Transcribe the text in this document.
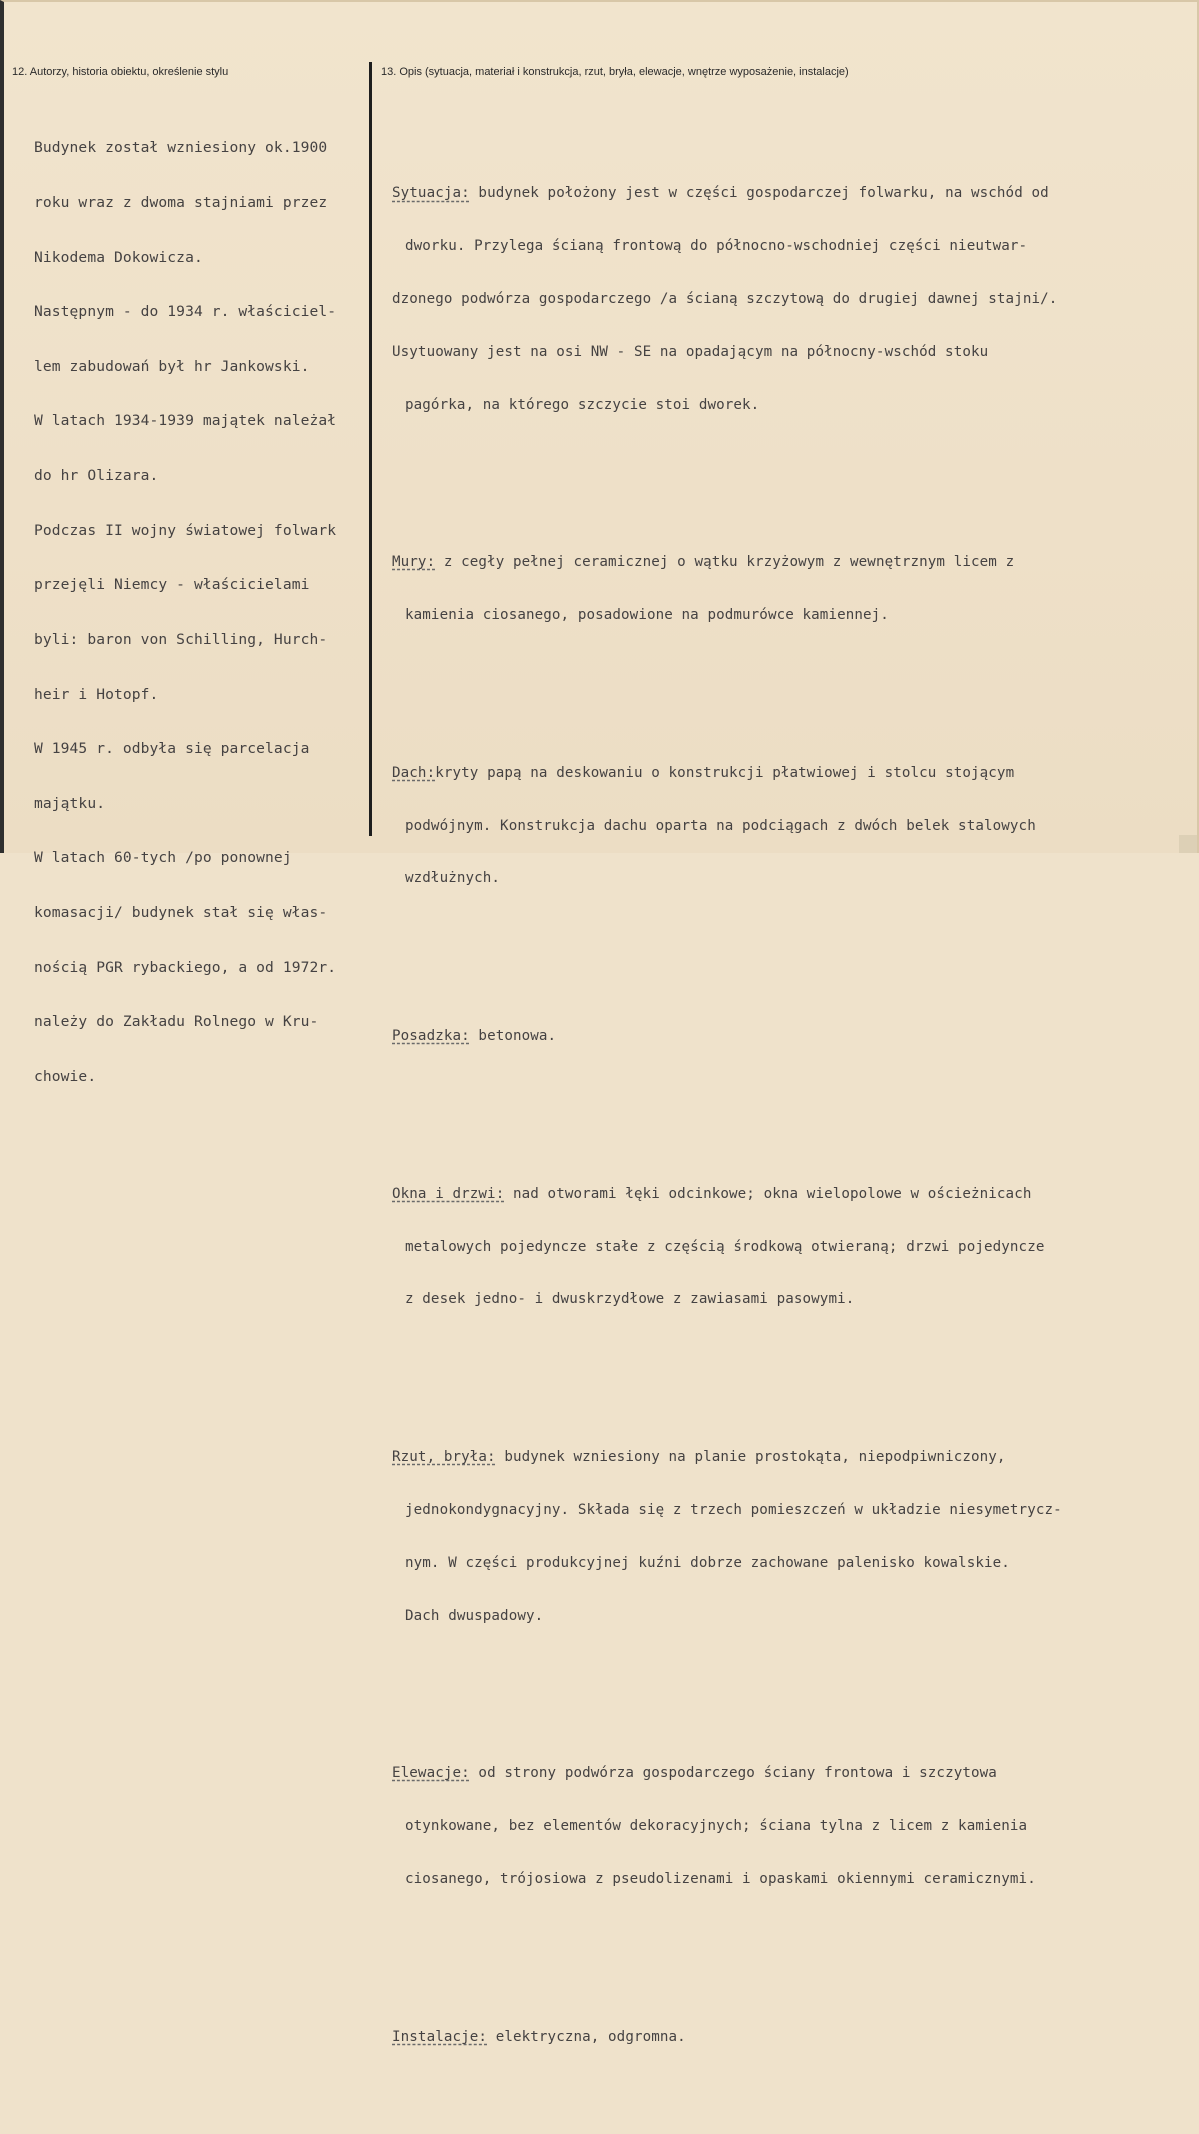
12. Autorzy, historia obiektu, określenie stylu	13. Opis (sytuacja, materiał i konstrukcja, rzut, bryła, elewacje, wnętrze wyposażenie, instalacje)

Budynek został wzniesiony ok.1900

roku wraz z dwoma stajniami przez

Nikodema Dokowicza.

Następnym - do 1934 r. właściciel-

lem zabudowań był hr Jankowski.

W latach 1934-1939 majątek należał

do hr Olizara.

Podczas II wojny światowej folwark

przejęli Niemcy - właścicielami

byli: baron von Schilling, Hurch-

heir i Hotopf.

W 1945 r. odbyła się parcelacja

majątku.

W latach 60-tych /po ponownej

komasacji/ budynek stał się włas-

nością PGR rybackiego, a od 1972r.

należy do Zakładu Rolnego w Kru-

chowie.

Sytuacja: budynek położony jest w części gospodarczej folwarku, na wschód od

dworku. Przylega ścianą frontową do północno-wschodniej części nieutwar-

dzonego podwórza gospodarczego /a ścianą szczytową do drugiej dawnej stajni/.

Usytuowany jest na osi NW - SE na opadającym na północny-wschód stoku

pagórka, na którego szczycie stoi dworek.

Mury: z cegły pełnej ceramicznej o wątku krzyżowym z wewnętrznym licem z

kamienia ciosanego, posadowione na podmurówce kamiennej.

Dach:kryty papą na deskowaniu o konstrukcji płatwiowej i stolcu stojącym

podwójnym. Konstrukcja dachu oparta na podciągach z dwóch belek stalowych

wzdłużnych.

Posadzka: betonowa.

Okna i drzwi: nad otworami łęki odcinkowe; okna wielopolowe w ościeżnicach

metalowych pojedyncze stałe z częścią środkową otwieraną; drzwi pojedyncze

z desek jedno- i dwuskrzydłowe z zawiasami pasowymi.

Rzut, bryła: budynek wzniesiony na planie prostokąta, niepodpiwniczony,

jednokondygnacyjny. Składa się z trzech pomieszczeń w układzie niesymetrycz-

nym. W części produkcyjnej kuźni dobrze zachowane palenisko kowalskie.

Dach dwuspadowy.

Elewacje: od strony podwórza gospodarczego ściany frontowa i szczytowa

otynkowane, bez elementów dekoracyjnych; ściana tylna z licem z kamienia

ciosanego, trójosiowa z pseudolizenami i opaskami okiennymi ceramicznymi.

Instalacje: elektryczna, odgromna.
